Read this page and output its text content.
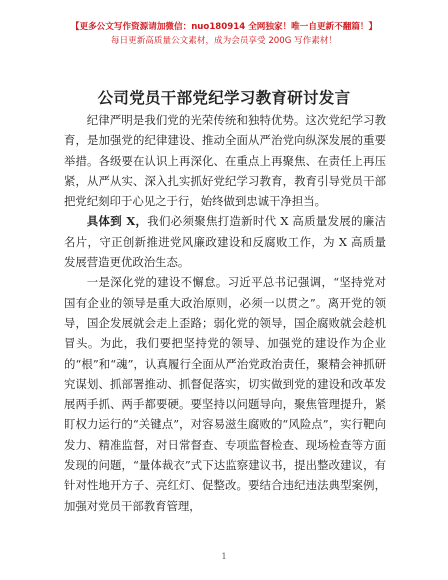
【更多公文写作资源请加微信：nuo180914 全网独家！唯一自更新不翻篇！】
每日更新高质量公文素材，成为会员享受 200G 写作素材！
公司党员干部党纪学习教育研讨发言

纪律严明是我们党的光荣传统和独特优势。这次党纪学习教育，是加强党的纪律建设、推动全面从严治党向纵深发展的重要举措。各级要在认识上再深化、在重点上再聚焦、在责任上再压紧，从严从实、深入扎实抓好党纪学习教育，教育引导党员干部把党纪刻印于心见之于行，始终做到忠诚干净担当。

具体到 X，我们必须聚焦打造新时代 X 高质量发展的廉洁名片，守正创新推进党风廉政建设和反腐败工作，为 X 高质量发展营造更优政治生态。

一是深化党的建设不懈怠。习近平总书记强调，“坚持党对国有企业的领导是重大政治原则，必须一以贯之”。离开党的领导，国企发展就会走上歪路；弱化党的领导，国企腐败就会趁机冒头。为此，我们要把坚持党的领导、加强党的建设作为企业的“根”和“魂”，认真履行全面从严治党政治责任，聚精会神抓研究谋划、抓部署推动、抓督促落实，切实做到党的建设和改革发展两手抓、两手都要硬。要坚持以问题导向，聚焦管理提升，紧盯权力运行的“关键点”，对容易滋生腐败的“风险点”，实行靶向发力、精准监督，对日常督查、专项监督检查、现场检查等方面发现的问题，“量体裁衣”式下达监察建议书，提出整改建议，有针对性地开方子、亮红灯、促整改。要结合违纪违法典型案例，加强对党员干部教育管理，

1
